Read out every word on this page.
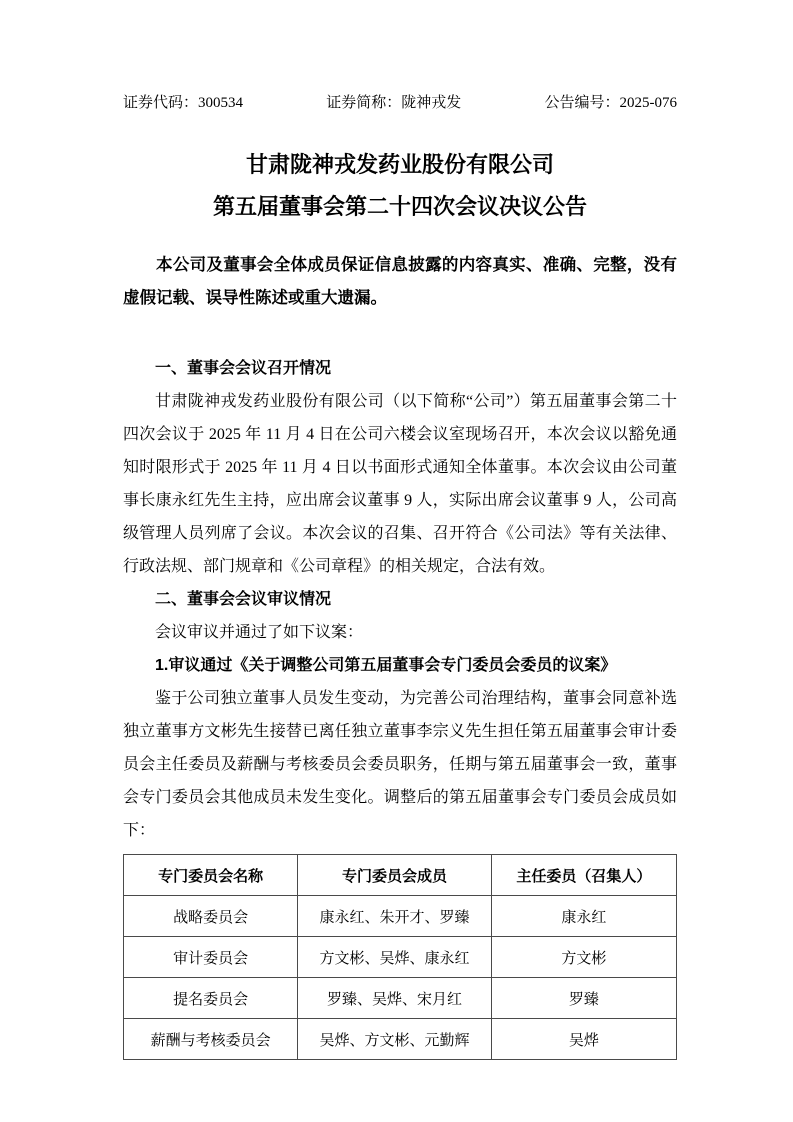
证券代码：300534	证券简称：陇神戎发	公告编号：2025-076
甘肃陇神戎发药业股份有限公司
第五届董事会第二十四次会议决议公告

本公司及董事会全体成员保证信息披露的内容真实、准确、完整，没有虚假记载、误导性陈述或重大遗漏。

一、董事会会议召开情况

甘肃陇神戎发药业股份有限公司（以下简称“公司”）第五届董事会第二十四次会议于 2025 年 11 月 4 日在公司六楼会议室现场召开，本次会议以豁免通知时限形式于 2025 年 11 月 4 日以书面形式通知全体董事。本次会议由公司董事长康永红先生主持，应出席会议董事 9 人，实际出席会议董事 9 人，公司高级管理人员列席了会议。本次会议的召集、召开符合《公司法》等有关法律、行政法规、部门规章和《公司章程》的相关规定，合法有效。

二、董事会会议审议情况

会议审议并通过了如下议案：

1.审议通过《关于调整公司第五届董事会专门委员会委员的议案》

鉴于公司独立董事人员发生变动，为完善公司治理结构，董事会同意补选独立董事方文彬先生接替已离任独立董事李宗义先生担任第五届董事会审计委员会主任委员及薪酬与考核委员会委员职务，任期与第五届董事会一致，董事会专门委员会其他成员未发生变化。调整后的第五届董事会专门委员会成员如下：

专门委员会名称	专门委员会成员	主任委员（召集人）
战略委员会	康永红、朱开才、罗臻	康永红
审计委员会	方文彬、吴烨、康永红	方文彬
提名委员会	罗臻、吴烨、宋月红	罗臻
薪酬与考核委员会	吴烨、方文彬、元勤辉	吴烨
